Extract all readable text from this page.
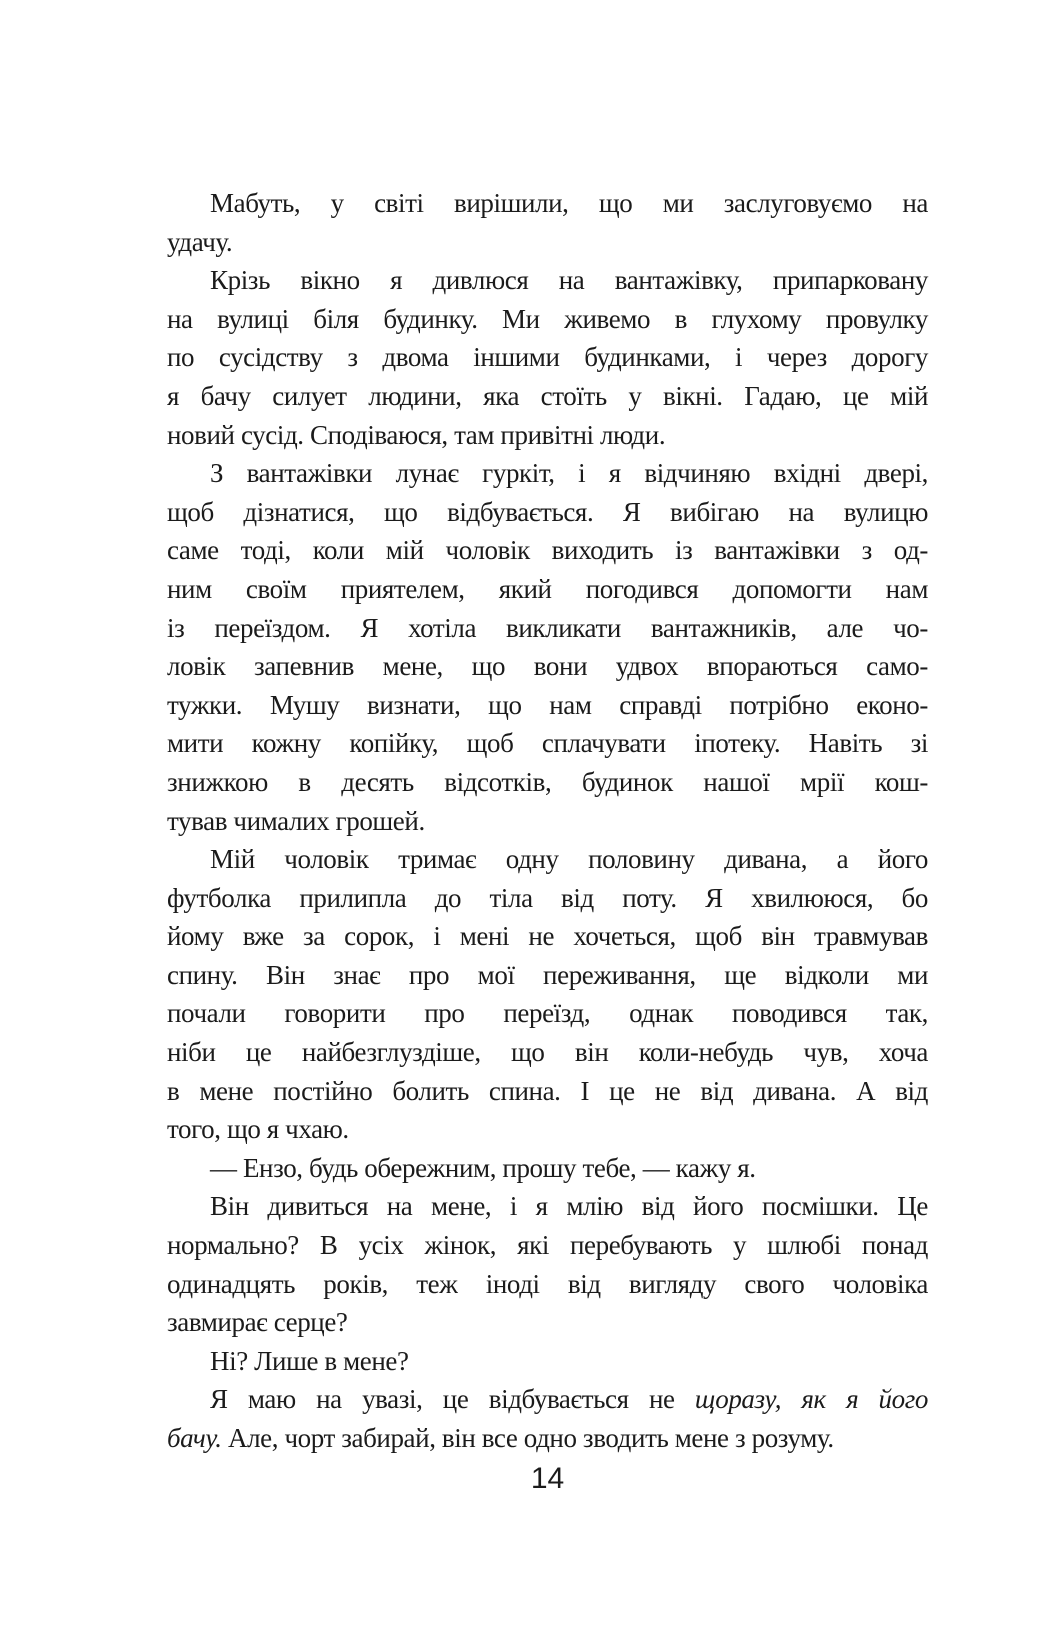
Мабуть, у світі вирішили, що ми заслуговуємо на
удачу.
Крізь вікно я дивлюся на вантажівку, припарковану
на вулиці біля будинку. Ми живемо в глухому провулку
по сусідству з двома іншими будинками, і через дорогу
я бачу силует людини, яка стоїть у вікні. Гадаю, це мій
новий сусід. Сподіваюся, там привітні люди.
З вантажівки лунає гуркіт, і я відчиняю вхідні двері,
щоб дізнатися, що відбувається. Я вибігаю на вулицю
саме тоді, коли мій чоловік виходить із вантажівки з од-
ним своїм приятелем, який погодився допомогти нам
із переїздом. Я хотіла викликати вантажників, але чо-
ловік запевнив мене, що вони удвох впораються само-
тужки. Мушу визнати, що нам справді потрібно еконо-
мити кожну копійку, щоб сплачувати іпотеку. Навіть зі
знижкою в десять відсотків, будинок нашої мрії кош-
тував чималих грошей.
Мій чоловік тримає одну половину дивана, а його
футболка прилипла до тіла від поту. Я хвилююся, бо
йому вже за сорок, і мені не хочеться, щоб він травмував
спину. Він знає про мої переживання, ще відколи ми
почали говорити про переїзд, однак поводився так,
ніби це найбезглуздіше, що він коли-небудь чув, хоча
в мене постійно болить спина. І це не від дивана. А від
того, що я чхаю.
— Ензо, будь обережним, прошу тебе, — кажу я.
Він дивиться на мене, і я млію від його посмішки. Це
нормально? В усіх жінок, які перебувають у шлюбі понад
одинадцять років, теж іноді від вигляду свого чоловіка
завмирає серце?
Ні? Лише в мене?
Я маю на увазі, це відбувається не щоразу, як я його
бачу. Але, чорт забирай, він все одно зводить мене з розуму.
14
